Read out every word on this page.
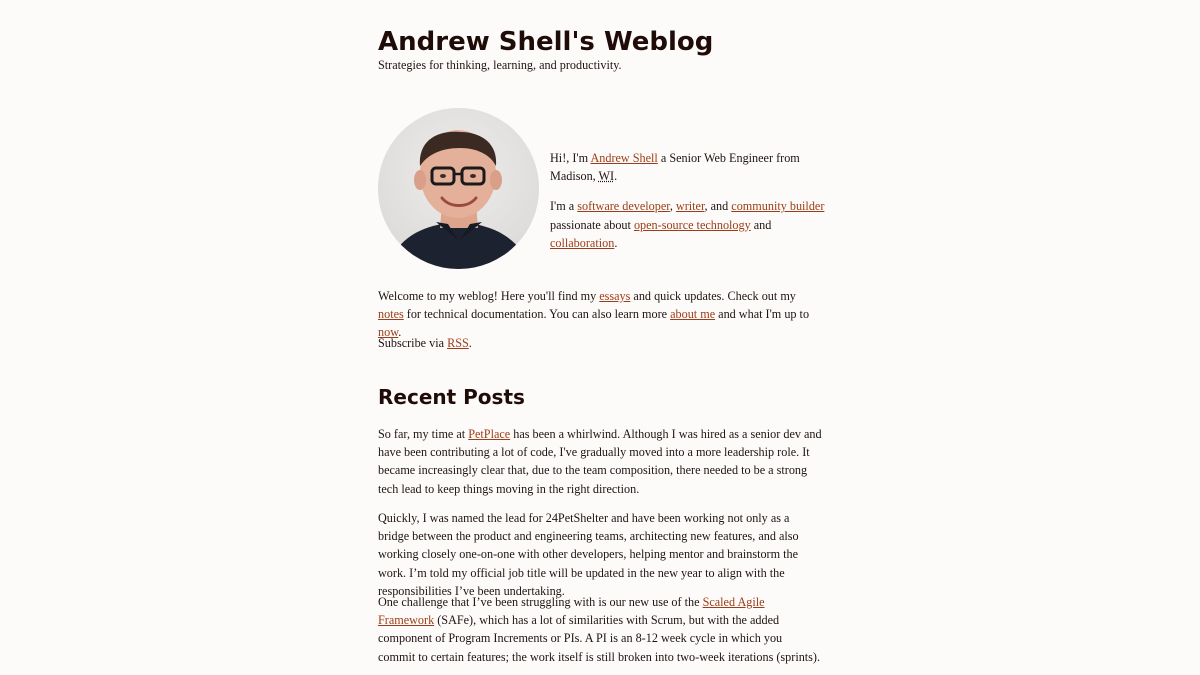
Andrew Shell's Weblog

Strategies for thinking, learning, and productivity.

Hi!, I'm Andrew Shell a Senior Web Engineer from Madison, WI.

I'm a software developer, writer, and community builder passionate about open-source technology and collaboration.

Welcome to my weblog! Here you'll find my essays and quick updates. Check out my notes for technical documentation. You can also learn more about me and what I'm up to now.

Subscribe via RSS.

Recent Posts

So far, my time at PetPlace has been a whirlwind. Although I was hired as a senior dev and have been contributing a lot of code, I've gradually moved into a more leadership role. It became increasingly clear that, due to the team composition, there needed to be a strong tech lead to keep things moving in the right direction.

Quickly, I was named the lead for 24PetShelter and have been working not only as a bridge between the product and engineering teams, architecting new features, and also working closely one-on-one with other developers, helping mentor and brainstorm the work. I’m told my official job title will be updated in the new year to align with the responsibilities I’ve been undertaking.

One challenge that I’ve been struggling with is our new use of the Scaled Agile Framework (SAFe), which has a lot of similarities with Scrum, but with the added component of Program Increments or PIs. A PI is an 8-12 week cycle in which you commit to certain features; the work itself is still broken into two-week iterations (sprints).
